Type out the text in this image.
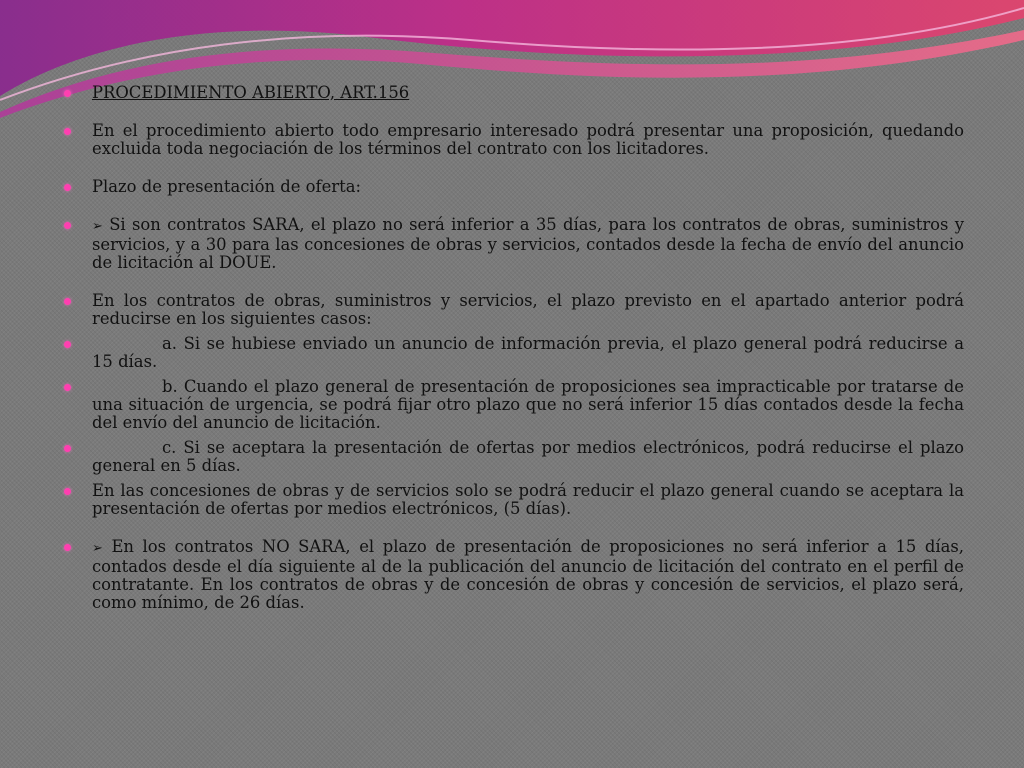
PROCEDIMIENTO ABIERTO, ART.156
En el procedimiento abierto todo empresario interesado podrá presentar una proposición, quedando excluida toda negociación de los términos del contrato con los licitadores.
Plazo de presentación de oferta:
➢ Si son contratos SARA, el plazo no será inferior a 35 días, para los contratos de obras, suministros y servicios, y a 30 para las concesiones de obras y servicios, contados desde la fecha de envío del anuncio de licitación al DOUE.
En los contratos de obras, suministros y servicios, el plazo previsto en el apartado anterior podrá reducirse en los siguientes casos:
a. Si se hubiese enviado un anuncio de información previa, el plazo general podrá reducirse a 15 días.
b. Cuando el plazo general de presentación de proposiciones sea impracticable por tratarse de una situación de urgencia, se podrá fijar otro plazo que no será inferior 15 días contados desde la fecha del envío del anuncio de licitación.
c. Si se aceptara la presentación de ofertas por medios electrónicos, podrá reducirse el plazo general en 5 días.
En las concesiones de obras y de servicios solo se podrá reducir el plazo general cuando se aceptara la presentación de ofertas por medios electrónicos, (5 días).
➢ En los contratos NO SARA, el plazo de presentación de proposiciones no será inferior a 15 días, contados desde el día siguiente al de la publicación del anuncio de licitación del contrato en el perfil de contratante. En los contratos de obras y de concesión de obras y concesión de servicios, el plazo será, como mínimo, de 26 días.
